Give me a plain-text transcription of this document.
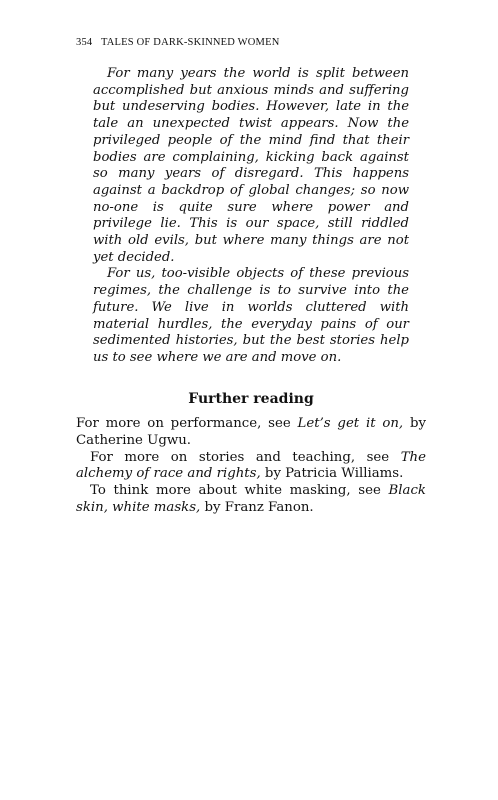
354 TALES OF DARK-SKINNED WOMEN

For many years the world is split between accomplished but anxious minds and suffering but undeserving bodies. However, late in the tale an unexpected twist appears. Now the privileged people of the mind find that their bodies are complaining, kicking back against so many years of disregard. This happens against a backdrop of global changes; so now no-one is quite sure where power and privilege lie. This is our space, still riddled with old evils, but where many things are not yet decided.

For us, too-visible objects of these previous regimes, the challenge is to survive into the future. We live in worlds cluttered with material hurdles, the everyday pains of our sedimented histories, but the best stories help us to see where we are and move on.

Further reading

For more on performance, see Let’s get it on, by Catherine Ugwu.

For more on stories and teaching, see The alchemy of race and rights, by Patricia Williams.

To think more about white masking, see Black skin, white masks, by Franz Fanon.
